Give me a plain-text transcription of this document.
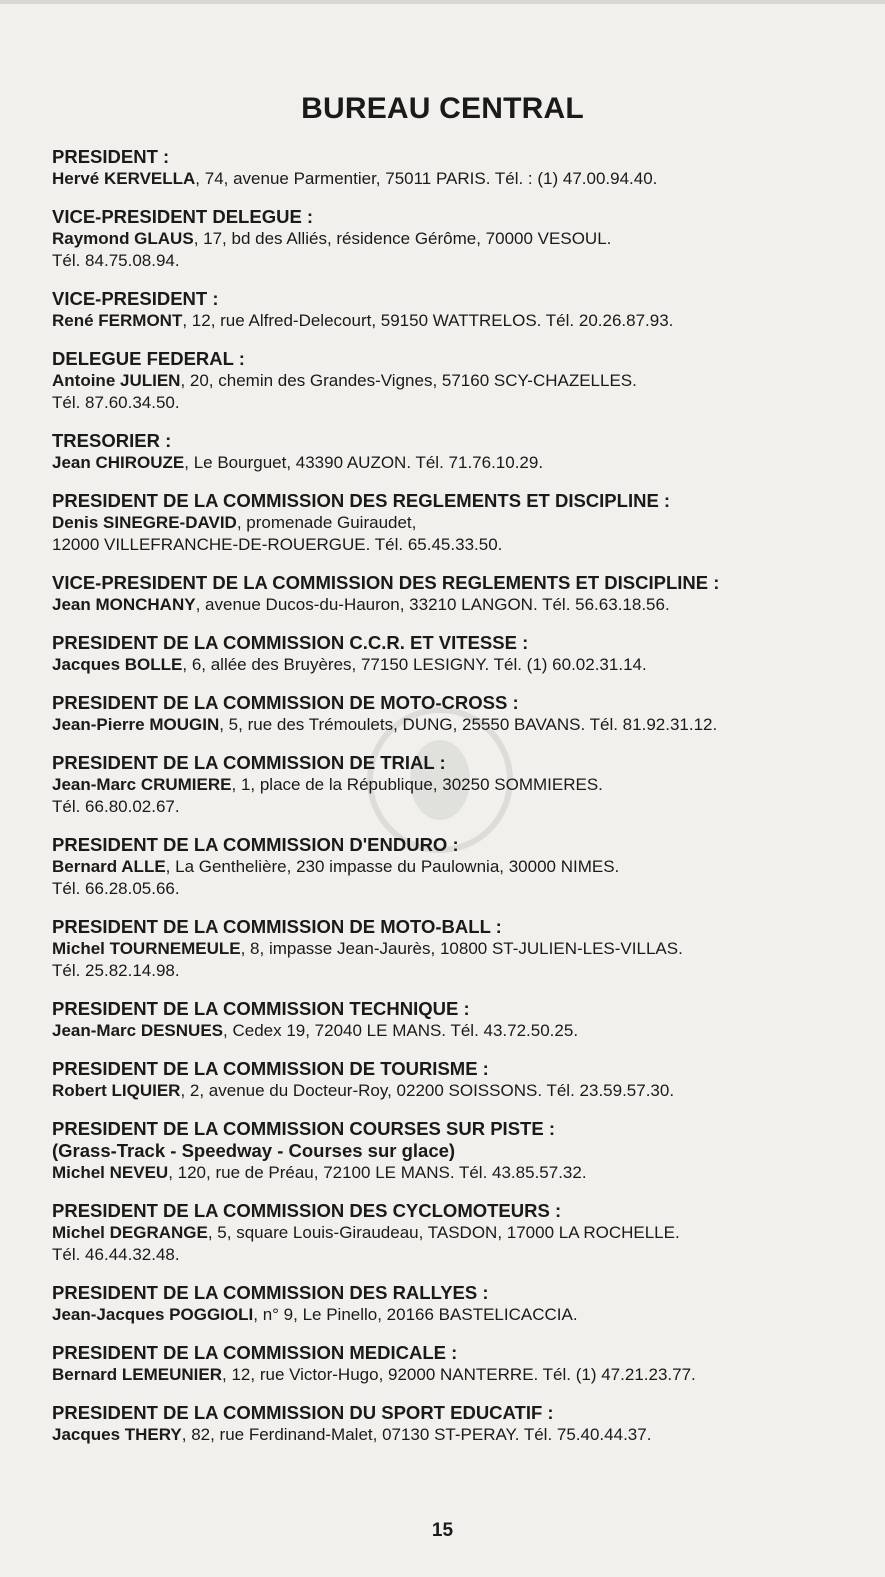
BUREAU CENTRAL
PRESIDENT :
Hervé KERVELLA, 74, avenue Parmentier, 75011 PARIS. Tél. : (1) 47.00.94.40.
VICE-PRESIDENT DELEGUE :
Raymond GLAUS, 17, bd des Alliés, résidence Gérôme, 70000 VESOUL.
Tél. 84.75.08.94.
VICE-PRESIDENT :
René FERMONT, 12, rue Alfred-Delecourt, 59150 WATTRELOS. Tél. 20.26.87.93.
DELEGUE FEDERAL :
Antoine JULIEN, 20, chemin des Grandes-Vignes, 57160 SCY-CHAZELLES.
Tél. 87.60.34.50.
TRESORIER :
Jean CHIROUZE, Le Bourguet, 43390 AUZON. Tél. 71.76.10.29.
PRESIDENT DE LA COMMISSION DES REGLEMENTS ET DISCIPLINE :
Denis SINEGRE-DAVID, promenade Guiraudet,
12000 VILLEFRANCHE-DE-ROUERGUE. Tél. 65.45.33.50.
VICE-PRESIDENT DE LA COMMISSION DES REGLEMENTS ET DISCIPLINE :
Jean MONCHANY, avenue Ducos-du-Hauron, 33210 LANGON. Tél. 56.63.18.56.
PRESIDENT DE LA COMMISSION C.C.R. ET VITESSE :
Jacques BOLLE, 6, allée des Bruyères, 77150 LESIGNY. Tél. (1) 60.02.31.14.
PRESIDENT DE LA COMMISSION DE MOTO-CROSS :
Jean-Pierre MOUGIN, 5, rue des Trémoulets, DUNG, 25550 BAVANS. Tél. 81.92.31.12.
PRESIDENT DE LA COMMISSION DE TRIAL :
Jean-Marc CRUMIERE, 1, place de la République, 30250 SOMMIERES.
Tél. 66.80.02.67.
PRESIDENT DE LA COMMISSION D'ENDURO :
Bernard ALLE, La Genthelière, 230 impasse du Paulownia, 30000 NIMES.
Tél. 66.28.05.66.
PRESIDENT DE LA COMMISSION DE MOTO-BALL :
Michel TOURNEMEULE, 8, impasse Jean-Jaurès, 10800 ST-JULIEN-LES-VILLAS.
Tél. 25.82.14.98.
PRESIDENT DE LA COMMISSION TECHNIQUE :
Jean-Marc DESNUES, Cedex 19, 72040 LE MANS. Tél. 43.72.50.25.
PRESIDENT DE LA COMMISSION DE TOURISME :
Robert LIQUIER, 2, avenue du Docteur-Roy, 02200 SOISSONS. Tél. 23.59.57.30.
PRESIDENT DE LA COMMISSION COURSES SUR PISTE :
(Grass-Track - Speedway - Courses sur glace)
Michel NEVEU, 120, rue de Préau, 72100 LE MANS. Tél. 43.85.57.32.
PRESIDENT DE LA COMMISSION DES CYCLOMOTEURS :
Michel DEGRANGE, 5, square Louis-Giraudeau, TASDON, 17000 LA ROCHELLE.
Tél. 46.44.32.48.
PRESIDENT DE LA COMMISSION DES RALLYES :
Jean-Jacques POGGIOLI, n° 9, Le Pinello, 20166 BASTELICACCIA.
PRESIDENT DE LA COMMISSION MEDICALE :
Bernard LEMEUNIER, 12, rue Victor-Hugo, 92000 NANTERRE. Tél. (1) 47.21.23.77.
PRESIDENT DE LA COMMISSION DU SPORT EDUCATIF :
Jacques THERY, 82, rue Ferdinand-Malet, 07130 ST-PERAY. Tél. 75.40.44.37.
15
